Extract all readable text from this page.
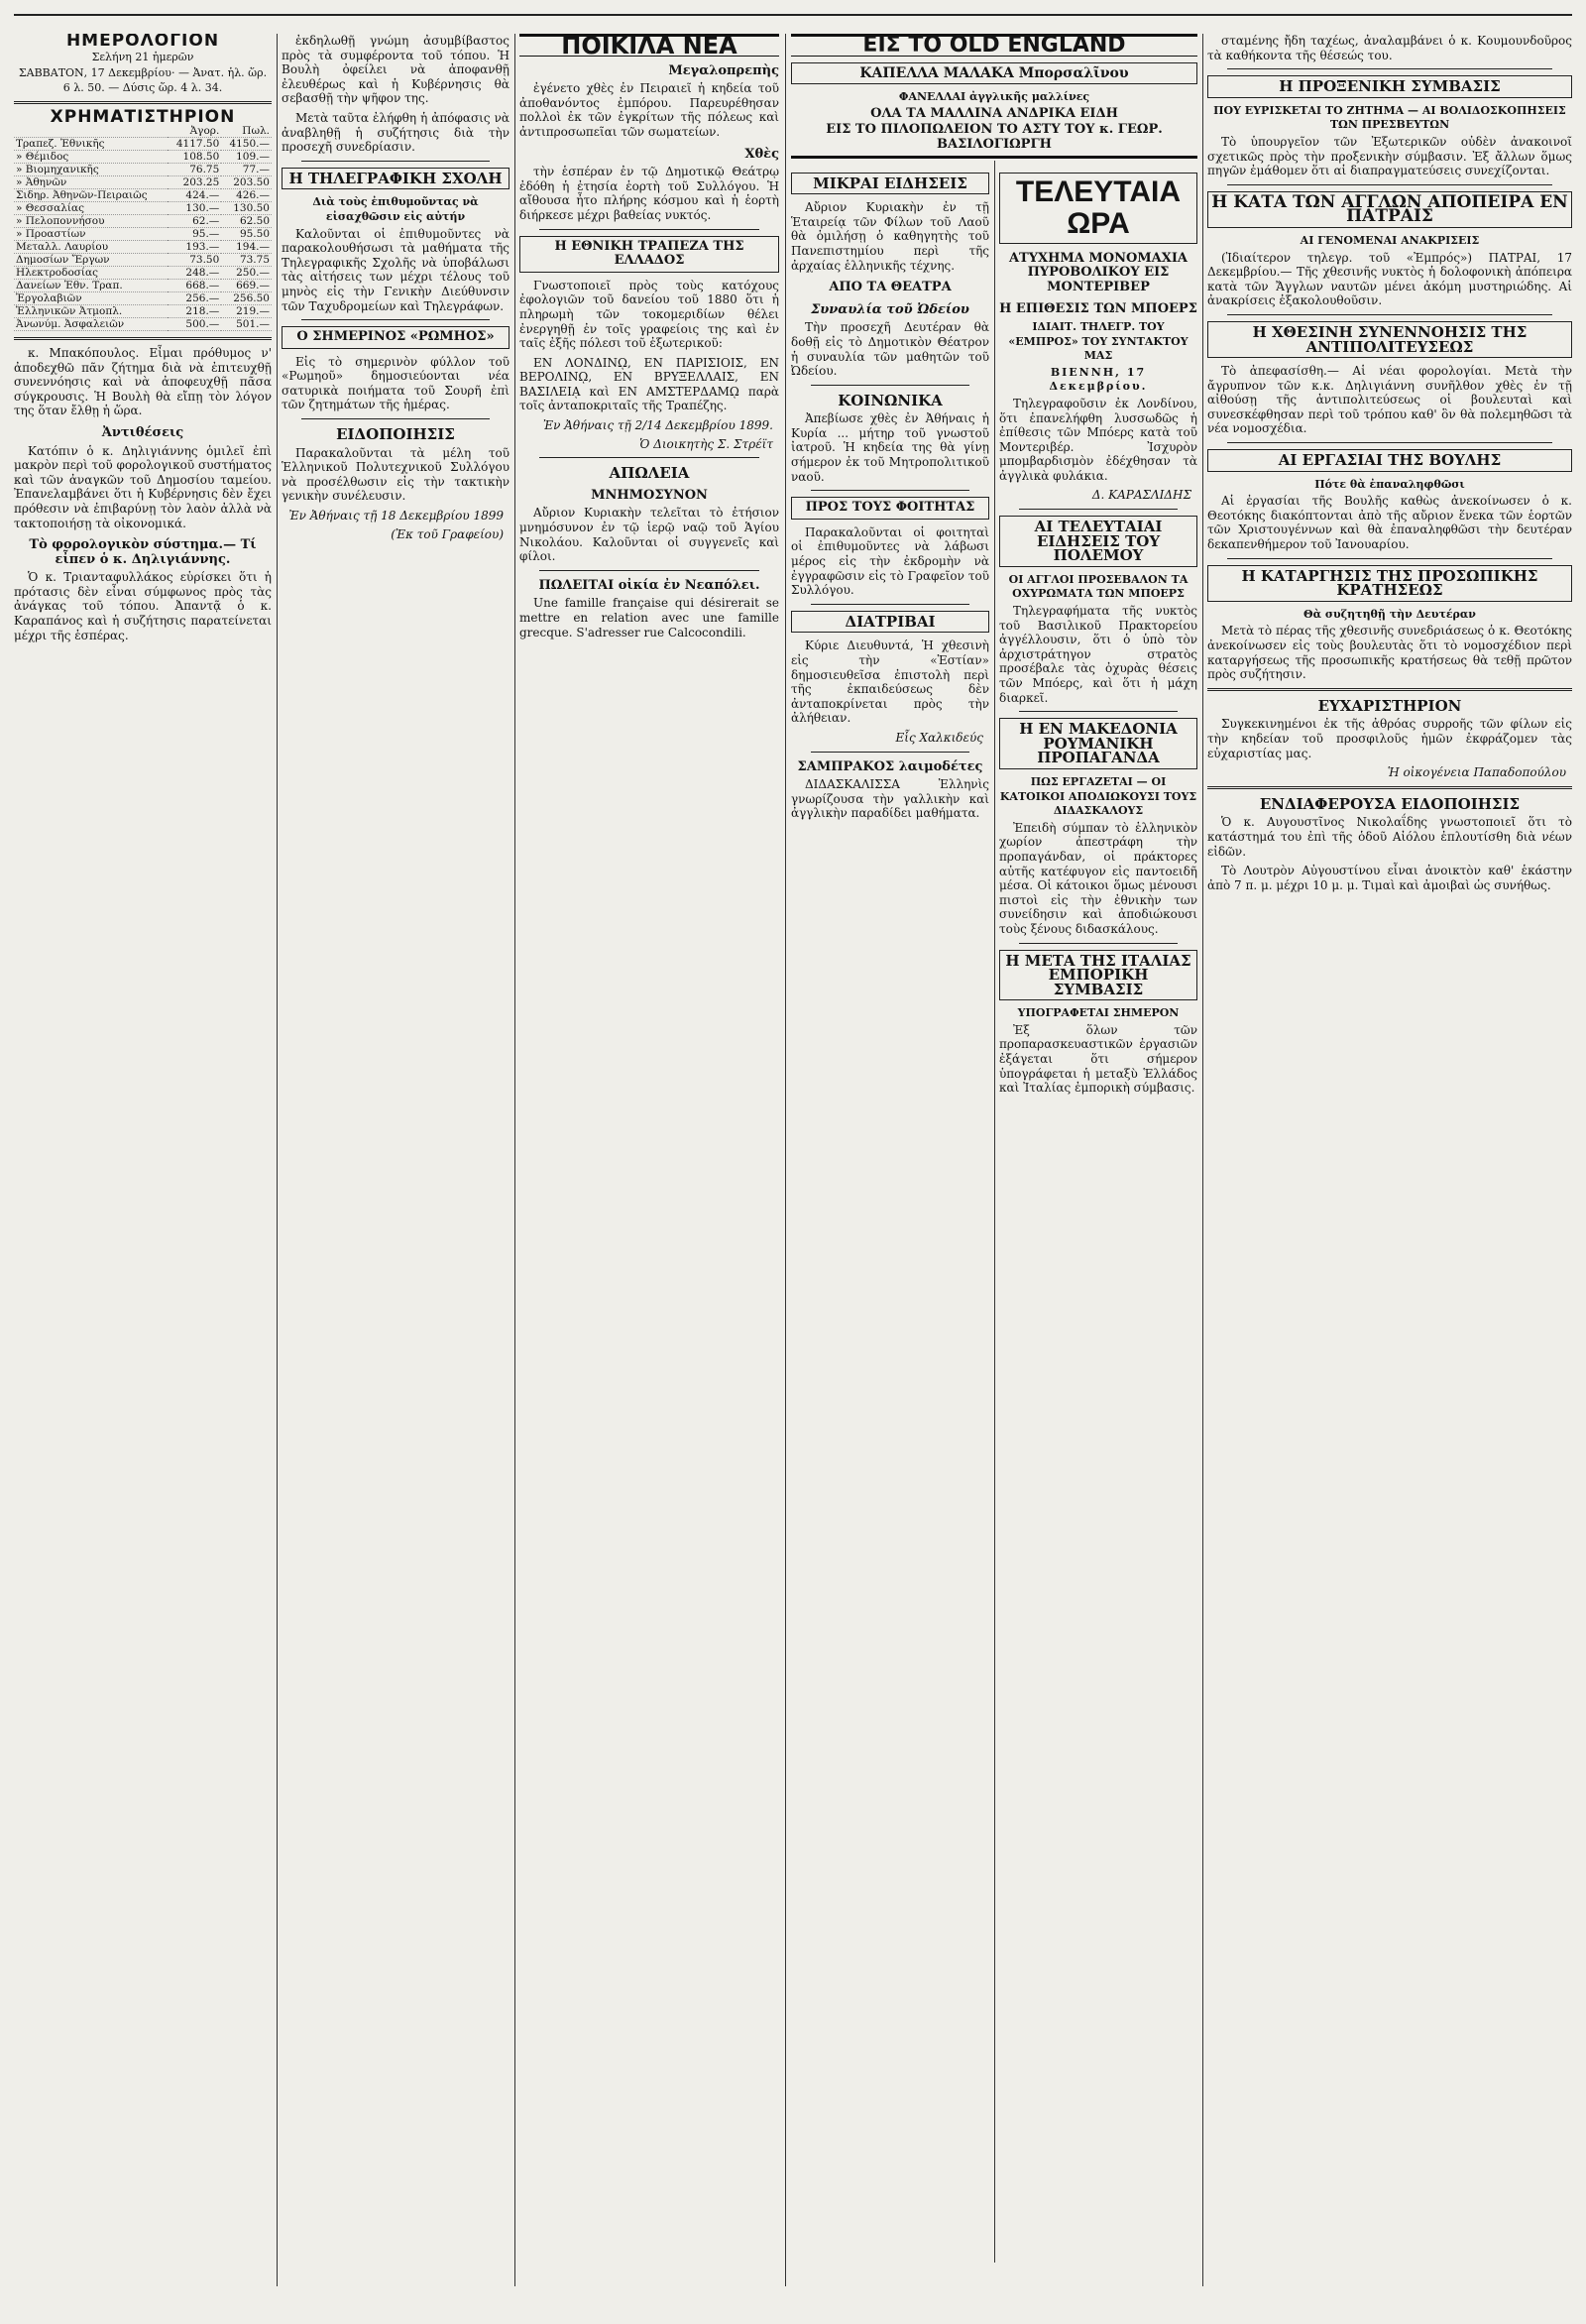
ΗΜΕΡΟΛΟΓΙΟΝ
Σελήνη 21 ἡμερῶν
ΣΑΒΒΑΤΟΝ, 17 Δεκεμβρίου· — Ἀνατ. ἡλ. ὥρ. 6 λ. 50. — Δύσις ὥρ. 4 λ. 34.
ΧΡΗΜΑΤΙΣΤΗΡΙΟΝ
	Ἀγορ.	Πωλ.
Τραπεζ. Ἐθνικῆς	4117.50	4150.—
» Θέμιδος	108.50	109.—
» Βιομηχανικῆς	76.75	77.—
» Ἀθηνῶν	203.25	203.50
Σιδηρ. Ἀθηνῶν-Πειραιῶς	424.—	426.—
» Θεσσαλίας	130.—	130.50
» Πελοποννήσου	62.—	62.50
» Προαστίων	95.—	95.50
Μεταλλ. Λαυρίου	193.—	194.—
Δημοσίων Ἔργων	73.50	73.75
Ηλεκτροδοσίας	248.—	250.—
Δανείων Ἐθν. Τραπ.	668.—	669.—
Ἐργολαβιῶν	256.—	256.50
Ἑλληνικῶν Ἀτμοπλ.	218.—	219.—
Ἀνωνύμ. Ἀσφαλειῶν	500.—	501.—

κ. Μπακόπουλος. Εἶμαι πρόθυμος ν' ἀποδεχθῶ πᾶν ζήτημα διὰ νὰ ἐπιτευχθῇ συνεννόησις καὶ νὰ ἀποφευχθῇ πᾶσα σύγκρουσις. Ἡ Βουλὴ θὰ εἴπῃ τὸν λόγον της ὅταν ἔλθῃ ἡ ὥρα.

Ἀντιθέσεις

Κατόπιν ὁ κ. Δηλιγιάννης ὁμιλεῖ ἐπὶ μακρὸν περὶ τοῦ φορολογικοῦ συστήματος καὶ τῶν ἀναγκῶν τοῦ Δημοσίου ταμείου. Ἐπανελαμβάνει ὅτι ἡ Κυβέρνησις δὲν ἔχει πρόθεσιν νὰ ἐπιβαρύνῃ τὸν λαὸν ἀλλὰ νὰ τακτοποιήσῃ τὰ οἰκονομικά.

Τὸ φορολογικὸν σύστημα.— Τί εἶπεν ὁ κ. Δηλιγιάννης.

Ὁ κ. Τριανταφυλλάκος εὑρίσκει ὅτι ἡ πρότασις δὲν εἶναι σύμφωνος πρὸς τὰς ἀνάγκας τοῦ τόπου. Ἀπαντᾷ ὁ κ. Καραπάνος καὶ ἡ συζήτησις παρατείνεται μέχρι τῆς ἑσπέρας.

ἐκδηλωθῇ γνώμη ἀσυμβίβαστος πρὸς τὰ συμφέροντα τοῦ τόπου. Ἡ Βουλὴ ὀφείλει νὰ ἀποφανθῇ ἐλευθέρως καὶ ἡ Κυβέρνησις θὰ σεβασθῇ τὴν ψῆφον της.

Μετὰ ταῦτα ἐλήφθη ἡ ἀπόφασις νὰ ἀναβληθῇ ἡ συζήτησις διὰ τὴν προσεχῆ συνεδρίασιν.

Η ΤΗΛΕΓΡΑΦΙΚΗ ΣΧΟΛΗ
Διὰ τοὺς ἐπιθυμοῦντας νὰ εἰσαχθῶσιν εἰς αὐτήν

Καλοῦνται οἱ ἐπιθυμοῦντες νὰ παρακολουθήσωσι τὰ μαθήματα τῆς Τηλεγραφικῆς Σχολῆς νὰ ὑποβάλωσι τὰς αἰτήσεις των μέχρι τέλους τοῦ μηνὸς εἰς τὴν Γενικὴν Διεύθυνσιν τῶν Ταχυδρομείων καὶ Τηλεγράφων.

Ο ΣΗΜΕΡΙΝΟΣ «ΡΩΜΗΟΣ»

Εἰς τὸ σημερινὸν φύλλον τοῦ «Ρωμηοῦ» δημοσιεύονται νέα σατυρικὰ ποιήματα τοῦ Σουρῆ ἐπὶ τῶν ζητημάτων τῆς ἡμέρας.

ΕΙΔΟΠΟΙΗΣΙΣ

Παρακαλοῦνται τὰ μέλη τοῦ Ἑλληνικοῦ Πολυτεχνικοῦ Συλλόγου νὰ προσέλθωσιν εἰς τὴν τακτικὴν γενικὴν συνέλευσιν.

Ἐν Ἀθήναις τῇ 18 Δεκεμβρίου 1899
(Ἐκ τοῦ Γραφείου)
ΠΟΙΚΙΛΑ ΝΕΑ
Μεγαλοπρεπὴς

ἐγένετο χθὲς ἐν Πειραιεῖ ἡ κηδεία τοῦ ἀποθανόντος ἐμπόρου. Παρευρέθησαν πολλοὶ ἐκ τῶν ἐγκρίτων τῆς πόλεως καὶ ἀντιπροσωπεῖαι τῶν σωματείων.

Χθὲς

τὴν ἑσπέραν ἐν τῷ Δημοτικῷ Θεάτρῳ ἐδόθη ἡ ἐτησία ἑορτὴ τοῦ Συλλόγου. Ἡ αἴθουσα ἦτο πλήρης κόσμου καὶ ἡ ἑορτὴ διήρκεσε μέχρι βαθείας νυκτός.

Η ΕΘΝΙΚΗ ΤΡΑΠΕΖΑ ΤΗΣ ΕΛΛΑΔΟΣ

Γνωστοποιεῖ πρὸς τοὺς κατόχους ἐφολογιῶν τοῦ δανείου τοῦ 1880 ὅτι ἡ πληρωμὴ τῶν τοκομεριδίων θέλει ἐνεργηθῇ ἐν τοῖς γραφείοις της καὶ ἐν ταῖς ἐξῆς πόλεσι τοῦ ἐξωτερικοῦ:

ΕΝ ΛΟΝΔΙΝῼ, ΕΝ ΠΑΡΙΣΙΟΙΣ, ΕΝ ΒΕΡΟΛΙΝῼ, ΕΝ ΒΡΥΞΕΛΛΑΙΣ, ΕΝ ΒΑΣΙΛΕΙᾼ καὶ ΕΝ ΑΜΣΤΕΡΔΑΜῼ παρὰ τοῖς ἀνταποκριταῖς τῆς Τραπέζης.

Ἐν Ἀθήναις τῇ 2/14 Δεκεμβρίου 1899.
Ὁ Διοικητὴς Σ. Στρέϊτ
ΑΠΩΛΕΙΑ
ΜΝΗΜΟΣΥΝΟΝ

Αὔριον Κυριακὴν τελεῖται τὸ ἐτήσιον μνημόσυνον ἐν τῷ ἱερῷ ναῷ τοῦ Ἁγίου Νικολάου. Καλοῦνται οἱ συγγενεῖς καὶ φίλοι.

ΠΩΛΕΙΤΑΙ οἰκία ἐν Νεαπόλει.

Une famille française qui désirerait se mettre en relation avec une famille grecque. S'adresser rue Calcocondili.

ΕΙΣ ΤΟ OLD ENGLAND
ΚΑΠΕΛΛΑ ΜΑΛΑΚΑ Μπορσαλῖνου
ΦΑΝΕΛΛΑΙ ἀγγλικῆς μαλλίνες
ΟΛΑ ΤΑ ΜΑΛΛΙΝΑ ΑΝΔΡΙΚΑ ΕΙΔΗ
ΕΙΣ ΤΟ ΠΙΛΟΠΩΛΕΙΟΝ ΤΟ ΑΣΤΥ ΤΟΥ κ. ΓΕΩΡ. ΒΑΣΙΛΟΓΙΩΡΓΗ
ΜΙΚΡΑΙ ΕΙΔΗΣΕΙΣ

Αὔριον Κυριακὴν ἐν τῇ Ἑταιρείᾳ τῶν Φίλων τοῦ Λαοῦ θὰ ὁμιλήσῃ ὁ καθηγητὴς τοῦ Πανεπιστημίου περὶ τῆς ἀρχαίας ἑλληνικῆς τέχνης.

ΑΠΟ ΤΑ ΘΕΑΤΡΑ
Συναυλία τοῦ Ὠδείου

Τὴν προσεχῆ Δευτέραν θὰ δοθῇ εἰς τὸ Δημοτικὸν Θέατρον ἡ συναυλία τῶν μαθητῶν τοῦ Ὠδείου.

ΚΟΙΝΩΝΙΚΑ

Ἀπεβίωσε χθὲς ἐν Ἀθήναις ἡ Κυρία ... μήτηρ τοῦ γνωστοῦ ἰατροῦ. Ἡ κηδεία της θὰ γίνῃ σήμερον ἐκ τοῦ Μητροπολιτικοῦ ναοῦ.

ΠΡΟΣ ΤΟΥΣ ΦΟΙΤΗΤΑΣ

Παρακαλοῦνται οἱ φοιτηταὶ οἱ ἐπιθυμοῦντες νὰ λάβωσι μέρος εἰς τὴν ἐκδρομὴν νὰ ἐγγραφῶσιν εἰς τὸ Γραφεῖον τοῦ Συλλόγου.

ΔΙΑΤΡΙΒΑΙ

Κύριε Διευθυντά, Ἡ χθεσινὴ εἰς τὴν «Ἑστίαν» δημοσιευθεῖσα ἐπιστολὴ περὶ τῆς ἐκπαιδεύσεως δὲν ἀνταποκρίνεται πρὸς τὴν ἀλήθειαν.

Εἷς Χαλκιδεύς
ΣΑΜΠΡΑΚΟΣ λαιμοδέτες

ΔΙΔΑΣΚΑΛΙΣΣΑ Ἑλληνὶς γνωρίζουσα τὴν γαλλικὴν καὶ ἀγγλικὴν παραδίδει μαθήματα.

ΤΕΛΕΥΤΑΙΑ ΩΡΑ
ΑΤΥΧΗΜΑ ΜΟΝΟΜΑΧΙΑ ΠΥΡΟΒΟΛΙΚΟΥ ΕΙΣ ΜΟΝΤΕΡΙΒΕΡ
Η ΕΠΙΘΕΣΙΣ ΤΩΝ ΜΠΟΕΡΣ
ΙΔΙΑΙΤ. ΤΗΛΕΓΡ. ΤΟΥ «ΕΜΠΡΟΣ» ΤΟΥ ΣΥΝΤΑΚΤΟΥ ΜΑΣ
ΒΙΕΝΝΗ, 17 Δεκεμβρίου.

Τηλεγραφοῦσιν ἐκ Λονδίνου, ὅτι ἐπανελήφθη λυσσωδῶς ἡ ἐπίθεσις τῶν Μπόερς κατὰ τοῦ Μοντεριβέρ. Ἰσχυρὸν μπομβαρδισμὸν ἐδέχθησαν τὰ ἀγγλικὰ φυλάκια.

Δ. ΚΑΡΑΣΛΙΔΗΣ
ΑΙ ΤΕΛΕΥΤΑΙΑΙ ΕΙΔΗΣΕΙΣ ΤΟΥ ΠΟΛΕΜΟΥ
ΟΙ ΑΓΓΛΟΙ ΠΡΟΣΕΒΑΛΟΝ ΤΑ ΟΧΥΡΩΜΑΤΑ ΤΩΝ ΜΠΟΕΡΣ

Τηλεγραφήματα τῆς νυκτὸς τοῦ Βασιλικοῦ Πρακτορείου ἀγγέλλουσιν, ὅτι ὁ ὑπὸ τὸν ἀρχιστράτηγον στρατὸς προσέβαλε τὰς ὀχυρὰς θέσεις τῶν Μπόερς, καὶ ὅτι ἡ μάχη διαρκεῖ.

Η ΕΝ ΜΑΚΕΔΟΝΙΑ ΡΟΥΜΑΝΙΚΗ ΠΡΟΠΑΓΑΝΔΑ
ΠΩΣ ΕΡΓΑΖΕΤΑΙ — ΟΙ ΚΑΤΟΙΚΟΙ ΑΠΟΔΙΩΚΟΥΣΙ ΤΟΥΣ ΔΙΔΑΣΚΑΛΟΥΣ

Ἐπειδὴ σύμπαν τὸ ἑλληνικὸν χωρίον ἀπεστράφη τὴν προπαγάνδαν, οἱ πράκτορες αὐτῆς κατέφυγον εἰς παντοειδῆ μέσα. Οἱ κάτοικοι ὅμως μένουσι πιστοὶ εἰς τὴν ἐθνικὴν των συνείδησιν καὶ ἀποδιώκουσι τοὺς ξένους διδασκάλους.

Η ΜΕΤΑ ΤΗΣ ΙΤΑΛΙΑΣ ΕΜΠΟΡΙΚΗ ΣΥΜΒΑΣΙΣ
ΥΠΟΓΡΑΦΕΤΑΙ ΣΗΜΕΡΟΝ

Ἐξ ὅλων τῶν προπαρασκευαστικῶν ἐργασιῶν ἐξάγεται ὅτι σήμερον ὑπογράφεται ἡ μεταξὺ Ἑλλάδος καὶ Ἰταλίας ἐμπορικὴ σύμβασις.

σταμένης ἤδη ταχέως, ἀναλαμβάνει ὁ κ. Κουμουνδοῦρος τὰ καθήκοντα τῆς θέσεώς του.

Η ΠΡΟΞΕΝΙΚΗ ΣΥΜΒΑΣΙΣ
ΠΟΥ ΕΥΡΙΣΚΕΤΑΙ ΤΟ ΖΗΤΗΜΑ — ΑΙ ΒΟΛΙΔΟΣΚΟΠΗΣΕΙΣ ΤΩΝ ΠΡΕΣΒΕΥΤΩΝ

Τὸ ὑπουργεῖον τῶν Ἐξωτερικῶν οὐδὲν ἀνακοινοῖ σχετικῶς πρὸς τὴν προξενικὴν σύμβασιν. Ἐξ ἄλλων ὅμως πηγῶν ἐμάθομεν ὅτι αἱ διαπραγματεύσεις συνεχίζονται.

Η ΚΑΤΑ ΤΩΝ ΑΓΓΛΩΝ ΑΠΟΠΕΙΡΑ ΕΝ ΠΑΤΡΑΙΣ
ΑΙ ΓΕΝΟΜΕΝΑΙ ΑΝΑΚΡΙΣΕΙΣ

(Ἰδιαίτερον τηλεγρ. τοῦ «Ἐμπρός») ΠΑΤΡΑΙ, 17 Δεκεμβρίου.— Τῆς χθεσινῆς νυκτὸς ἡ δολοφονικὴ ἀπόπειρα κατὰ τῶν Ἄγγλων ναυτῶν μένει ἀκόμη μυστηριώδης. Αἱ ἀνακρίσεις ἐξακολουθοῦσιν.

Η ΧΘΕΣΙΝΗ ΣΥΝΕΝΝΟΗΣΙΣ ΤΗΣ ΑΝΤΙΠΟΛΙΤΕΥΣΕΩΣ

Τὸ ἀπεφασίσθη.— Αἱ νέαι φορολογίαι. Μετὰ τὴν ἄγρυπνον τῶν κ.κ. Δηλιγιάννη συνῆλθον χθὲς ἐν τῇ αἰθούσῃ τῆς ἀντιπολιτεύσεως οἱ βουλευταὶ καὶ συνεσκέφθησαν περὶ τοῦ τρόπου καθ' ὃν θὰ πολεμηθῶσι τὰ νέα νομοσχέδια.

ΑΙ ΕΡΓΑΣΙΑΙ ΤΗΣ ΒΟΥΛΗΣ
Πότε θὰ ἐπαναληφθῶσι

Αἱ ἐργασίαι τῆς Βουλῆς καθὼς ἀνεκοίνωσεν ὁ κ. Θεοτόκης διακόπτονται ἀπὸ τῆς αὔριον ἕνεκα τῶν ἑορτῶν τῶν Χριστουγέννων καὶ θὰ ἐπαναληφθῶσι τὴν δευτέραν δεκαπενθήμερον τοῦ Ἰανουαρίου.

Η ΚΑΤΑΡΓΗΣΙΣ ΤΗΣ ΠΡΟΣΩΠΙΚΗΣ ΚΡΑΤΗΣΕΩΣ
Θὰ συζητηθῇ τὴν Δευτέραν

Μετὰ τὸ πέρας τῆς χθεσινῆς συνεδριάσεως ὁ κ. Θεοτόκης ἀνεκοίνωσεν εἰς τοὺς βουλευτὰς ὅτι τὸ νομοσχέδιον περὶ καταργήσεως τῆς προσωπικῆς κρατήσεως θὰ τεθῇ πρῶτον πρὸς συζήτησιν.

ΕΥΧΑΡΙΣΤΗΡΙΟΝ

Συγκεκινημένοι ἐκ τῆς ἀθρόας συρροῆς τῶν φίλων εἰς τὴν κηδείαν τοῦ προσφιλοῦς ἡμῶν ἐκφράζομεν τὰς εὐχαριστίας μας.

Ἡ οἰκογένεια Παπαδοπούλου
ΕΝΔΙΑΦΕΡΟΥΣΑ ΕΙΔΟΠΟΙΗΣΙΣ

Ὁ κ. Αυγουστῖνος Νικολαΐδης γνωστοποιεῖ ὅτι τὸ κατάστημά του ἐπὶ τῆς ὁδοῦ Αἰόλου ἐπλουτίσθη διὰ νέων εἰδῶν.

Τὸ Λουτρὸν Αὐγουστίνου εἶναι ἀνοικτὸν καθ' ἑκάστην ἀπὸ 7 π. μ. μέχρι 10 μ. μ. Τιμαὶ καὶ ἀμοιβαὶ ὡς συνήθως.
